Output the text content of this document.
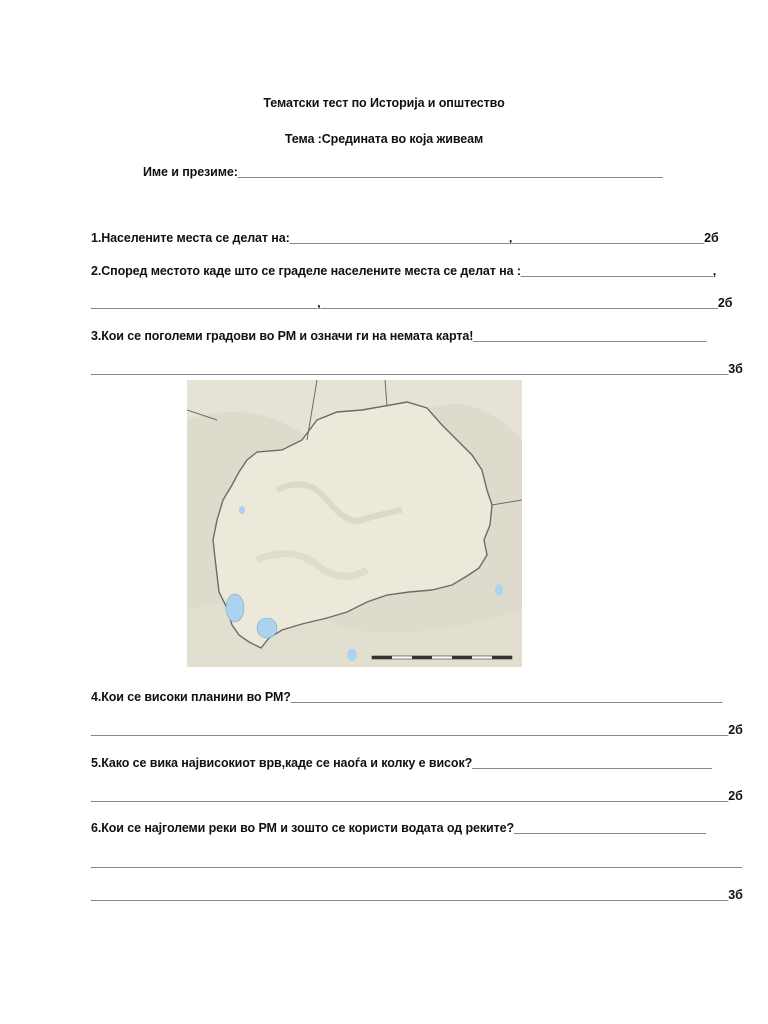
Тематски тест по Историја и општество
Тема :Средината во која живеам
Име и презиме:______________________________________________________________
1.Населените места се делат на:________________________________,____________________________2б
2.Според местото каде што се граделе населените места се делат на :____________________________,
_________________________________,__________________________________________________________2б
3.Кои се поголеми градови во РМ и означи ги на немата карта!__________________________________
_____________________________________________________________________________________________3б
4.Кои се високи планини во РМ?_______________________________________________________________
_____________________________________________________________________________________________2б
5.Како се вика највисокиот врв,каде се наоѓа и колку е висок?___________________________________
_____________________________________________________________________________________________2б
6.Кои се најголеми реки во РМ и зошто се користи водата од реките?____________________________
_______________________________________________________________________________________________
_____________________________________________________________________________________________3б
